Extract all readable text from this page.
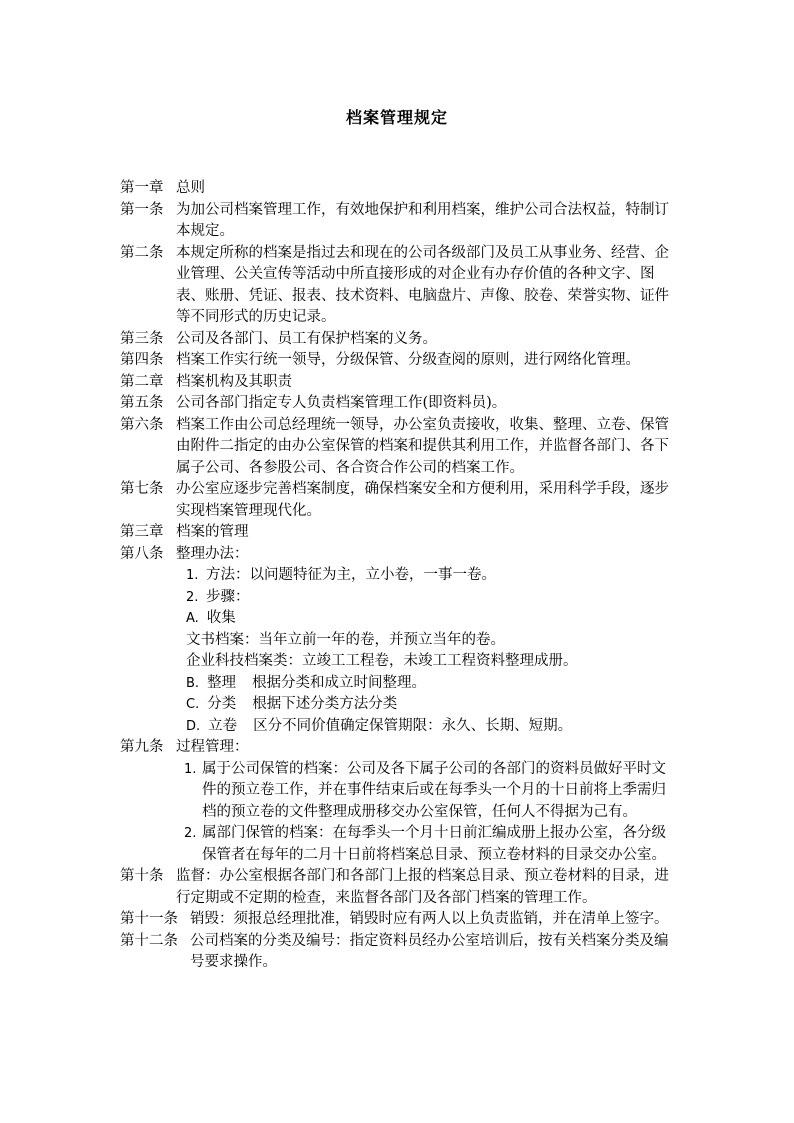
档案管理规定
第一章 总则
第一条 为加公司档案管理工作，有效地保护和利用档案，维护公司合法权益，特制订本规定。
第二条 本规定所称的档案是指过去和现在的公司各级部门及员工从事业务、经营、企业管理、公关宣传等活动中所直接形成的对企业有办存价值的各种文字、图表、账册、凭证、报表、技术资料、电脑盘片、声像、胶卷、荣誉实物、证件等不同形式的历史记录。
第三条 公司及各部门、员工有保护档案的义务。
第四条 档案工作实行统一领导，分级保管、分级查阅的原则，进行网络化管理。
第二章 档案机构及其职责
第五条 公司各部门指定专人负责档案管理工作(即资料员)。
第六条 档案工作由公司总经理统一领导，办公室负责接收，收集、整理、立卷、保管由附件二指定的由办公室保管的档案和提供其利用工作，并监督各部门、各下属子公司、各参股公司、各合资合作公司的档案工作。
第七条 办公室应逐步完善档案制度，确保档案安全和方便利用，采用科学手段，逐步实现档案管理现代化。
第三章 档案的管理
第八条 整理办法：
1. 方法：以问题特征为主，立小卷，一事一卷。
2. 步骤：
A. 收集
文书档案：当年立前一年的卷，并预立当年的卷。
企业科技档案类：立竣工工程卷，未竣工工程资料整理成册。
B. 整理 根据分类和成立时间整理。
C. 分类 根据下述分类方法分类
D. 立卷 区分不同价值确定保管期限：永久、长期、短期。
第九条 过程管理：
1. 属于公司保管的档案：公司及各下属子公司的各部门的资料员做好平时文件的预立卷工作，并在事件结束后或在每季头一个月的十日前将上季需归档的预立卷的文件整理成册移交办公室保管，任何人不得据为己有。
2. 属部门保管的档案：在每季头一个月十日前汇编成册上报办公室，各分级保管者在每年的二月十日前将档案总目录、预立卷材料的目录交办公室。
第十条 监督：办公室根据各部门和各部门上报的档案总目录、预立卷材料的目录，进行定期或不定期的检查，来监督各部门及各部门档案的管理工作。
第十一条 销毁：须报总经理批准，销毁时应有两人以上负责监销，并在清单上签字。
第十二条 公司档案的分类及编号：指定资料员经办公室培训后，按有关档案分类及编号要求操作。
